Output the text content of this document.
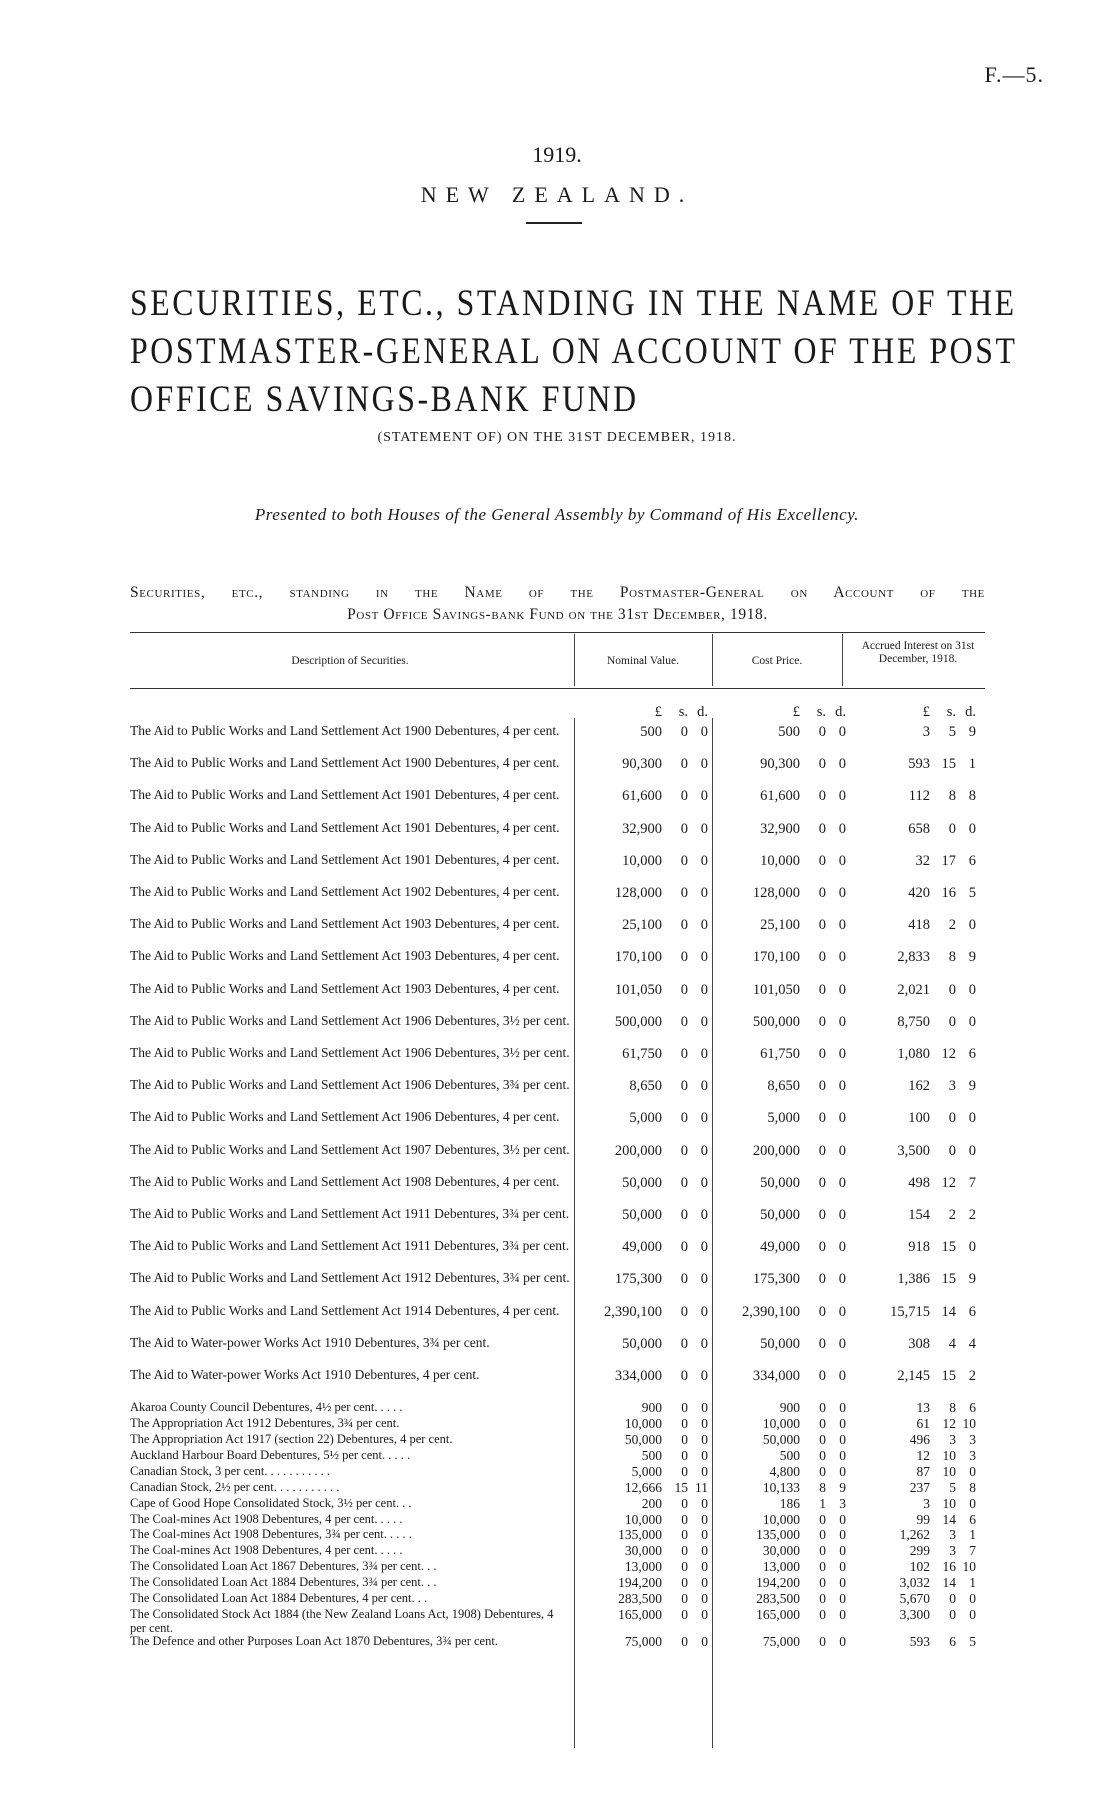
F.—5.
1919.
NEW ZEALAND.
SECURITIES, ETC., STANDING IN THE NAME OF THE
POSTMASTER-GENERAL ON ACCOUNT OF THE POST
OFFICE SAVINGS-BANK FUND
(STATEMENT OF) ON THE 31ST DECEMBER, 1918.
Presented to both Houses of the General Assembly by Command of His Excellency.
Securities, etc., standing in the Name of the Postmaster-General on Account of the
Post Office Savings-bank Fund on the 31st December, 1918.
Description of Securities.	Nominal Value.	Cost Price.
Accrued Interest on 31st December, 1918.
£	s. d.	£	s. d.	£	s. d.
The Aid to Public Works and Land Settlement Act 1900 Debentures, 4 per cent.	500	0 0	500	0 0	3	5 9
The Aid to Public Works and Land Settlement Act 1900 Debentures, 4 per cent.	90,300	0 0	90,300	0 0	593 15 1
The Aid to Public Works and Land Settlement Act 1901 Debentures, 4 per cent.	61,600	0 0	61,600	0 0	112	8 8
The Aid to Public Works and Land Settlement Act 1901 Debentures, 4 per cent.	32,900	0 0	32,900	0 0	658	0 0
The Aid to Public Works and Land Settlement Act 1901 Debentures, 4 per cent.	10,000	0 0	10,000	0 0	32 17 6
The Aid to Public Works and Land Settlement Act 1902 Debentures, 4 per cent.	128,000	0 0	128,000	0 0	420 16 5
The Aid to Public Works and Land Settlement Act 1903 Debentures, 4 per cent.	25,100	0 0	25,100	0 0	418	2 0
The Aid to Public Works and Land Settlement Act 1903 Debentures, 4 per cent.	170,100	0 0	170,100	0 0	2,833	8 9
The Aid to Public Works and Land Settlement Act 1903 Debentures, 4 per cent.	101,050	0 0	101,050	0 0	2,021	0 0
The Aid to Public Works and Land Settlement Act 1906 Debentures, 3½ per cent.	500,000	0 0	500,000	0 0	8,750	0 0
The Aid to Public Works and Land Settlement Act 1906 Debentures, 3½ per cent.	61,750	0 0	61,750	0 0	1,080 12 6
The Aid to Public Works and Land Settlement Act 1906 Debentures, 3¾ per cent.	8,650	0 0	8,650	0 0	162	3 9
The Aid to Public Works and Land Settlement Act 1906 Debentures, 4 per cent.	5,000	0 0	5,000	0 0	100	0 0
The Aid to Public Works and Land Settlement Act 1907 Debentures, 3½ per cent.	200,000	0 0	200,000	0 0	3,500	0 0
The Aid to Public Works and Land Settlement Act 1908 Debentures, 4 per cent.	50,000	0 0	50,000	0 0	498 12 7
The Aid to Public Works and Land Settlement Act 1911 Debentures, 3¾ per cent.	50,000	0 0	50,000	0 0	154	2 2
The Aid to Public Works and Land Settlement Act 1911 Debentures, 3¾ per cent.	49,000	0 0	49,000	0 0	918 15 0
The Aid to Public Works and Land Settlement Act 1912 Debentures, 3¾ per cent.	175,300	0 0	175,300	0 0	1,386 15 9
The Aid to Public Works and Land Settlement Act 1914 Debentures, 4 per cent.	2,390,100	0 0	2,390,100	0 0	15,715 14 6
The Aid to Water-power Works Act 1910 Debentures, 3¾ per cent.	50,000	0 0	50,000	0 0	308	4 4
The Aid to Water-power Works Act 1910 Debentures, 4 per cent.	334,000	0 0	334,000	0 0	2,145 15 2
Akaroa County Council Debentures, 4½ per cent. . . . .	900	0 0	900	0 0	13	8 6
The Appropriation Act 1912 Debentures, 3¾ per cent.	10,000	0 0	10,000	0 0	61 12 10
The Appropriation Act 1917 (section 22) Debentures, 4 per cent.	50,000	0 0	50,000	0 0	496	3 3
Auckland Harbour Board Debentures, 5½ per cent. . . . .	500	0 0	500	0 0	12 10 3
Canadian Stock, 3 per cent. . . . . . . . . . .	5,000	0 0	4,800	0 0	87 10 0
Canadian Stock, 2½ per cent. . . . . . . . . . .	12,666 15 11	10,133	8 9	237	5 8
Cape of Good Hope Consolidated Stock, 3½ per cent. . .	200	0 0	186	1 3	3 10 0
The Coal-mines Act 1908 Debentures, 4 per cent. . . . .	10,000	0 0	10,000	0 0	99 14 6
The Coal-mines Act 1908 Debentures, 3¾ per cent. . . . .	135,000	0 0	135,000	0 0	1,262	3 1
The Coal-mines Act 1908 Debentures, 4 per cent. . . . .	30,000	0 0	30,000	0 0	299	3 7
The Consolidated Loan Act 1867 Debentures, 3¾ per cent. . .	13,000	0 0	13,000	0 0	102 16 10
The Consolidated Loan Act 1884 Debentures, 3¾ per cent. . .	194,200	0 0	194,200	0 0	3,032 14 1
The Consolidated Loan Act 1884 Debentures, 4 per cent. . .	283,500	0 0	283,500	0 0	5,670	0 0
The Consolidated Stock Act 1884 (the New Zealand Loans Act, 1908) Debentures, 4 per cent.
165,000	0 0	165,000	0 0	3,300	0 0
The Defence and other Purposes Loan Act 1870 Debentures, 3¾ per cent.	75,000	0 0	75,000	0 0	593	6 5
